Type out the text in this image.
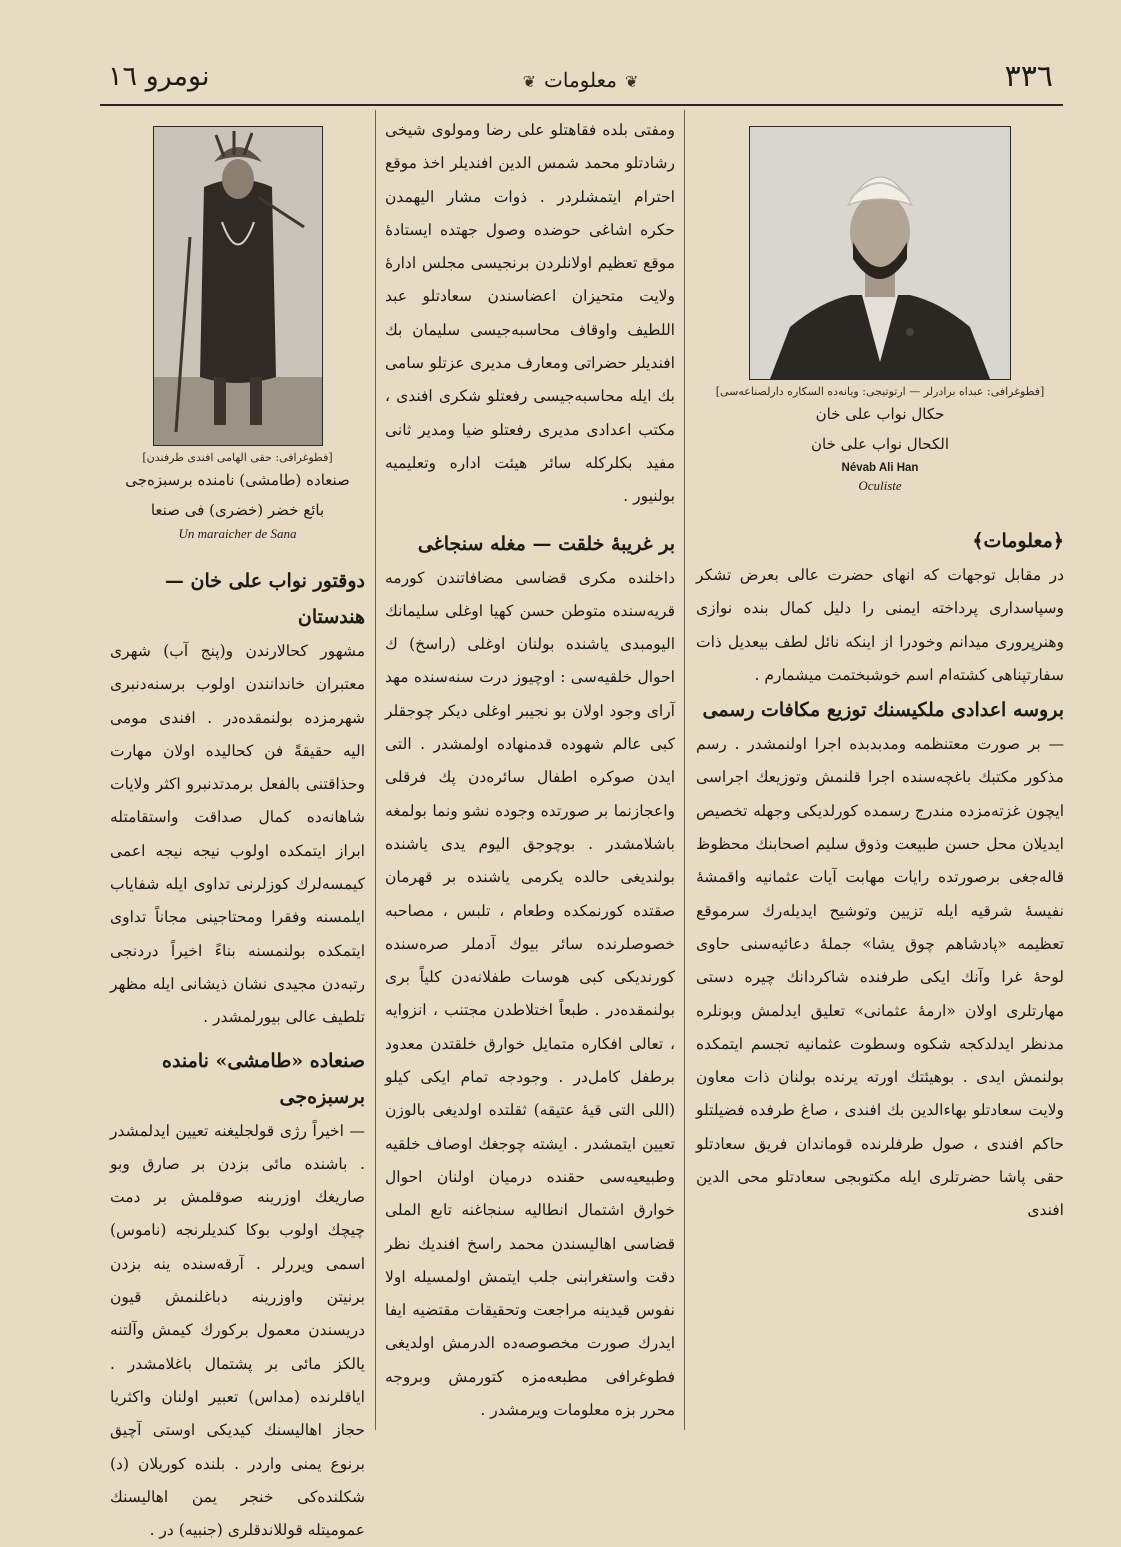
٣٣٦
❦ معلومات ❦
نومرو ١٦
[فطوغرافى: عبداه برادرلر — ارتوتیجى: ويانه‌ده السكاره دارلصناعه‌سى]
حكال نواب على خان
الكحال نواب على خان
Névab Ali Han
Oculiste
﴿معلومات﴾

در مقابل توجهات كه انهاى حضرت عالى بعرض تشكر وسپاسدارى پرداخته ايمنى را دليل كمال بنده نوازى وهنرپرورى ميدانم وخودرا از اينكه نائل لطف بيعديل ذات سفارتپناهى كشته‌ام اسم خوشبختمت ميشمارم .

بروسه اعدادى ملكيسنك توزيع مكافات رسمى

— بر صورت معتنظمه ومدبدبده اجرا اولنمشدر . رسم مذكور مكتبك باغچه‌سنده اجرا قلنمش وتوزيعك اجراسى ايچون غزته‌مزده مندرج رسمده كورلديكى وجهله تخصيص ايديلان محل حسن طبيعت وذوق سليم اصحابنك محظوظ قالەجغى برصورتده رايات مهابت آيات عثمانيه واقمشهٔ نفيسهٔ شرقيه ايله تزيين وتوشيح ايديله‌رك سرموقع تعظيمه «پادشاهم چوق يشا» جملهٔ دعائيه‌سنى حاوى لوحهٔ غرا وآنك ايكى طرفنده شاكردانك چيره دستى مهارتلرى اولان «ارمهٔ عثمانى» تعليق ايدلمش وبونلره مدنظر ايدلدكجه شكوه وسطوت عثمانيه تجسم ايتمكده بولنمش ايدى . بوهيئتك اورته يرنده بولنان ذات معاون ولايت سعادتلو بهاءالدين بك افندى ، صاغ طرفده فضيلتلو حاكم افندى ، صول طرفلرنده قوماندان فريق سعادتلو حقى پاشا حضرتلرى ايله مكتوبجى سعادتلو محى الدين افندى

ومفتى بلده فقاهتلو على رضا ومولوى شيخى رشادتلو محمد شمس الدين افنديلر اخذ موقع احترام ايتمشلردر . ذوات مشار اليهمدن حكره اشاغى حوضده وصول جهتده ايستادهٔ موقع تعظيم اولانلردن برنجيسى مجلس ادارهٔ ولايت متحيزان اعضاسندن سعادتلو عبد اللطيف واوقاف محاسبه‌جيسى سليمان بك افنديلر حضراتى ومعارف مديرى عزتلو سامى بك ايله محاسبه‌جيسى رفعتلو شكرى افندى ، مكتب اعدادى مديرى رفعتلو ضيا ومدير ثانى مفيد بكلركله سائر هيئت اداره وتعليميه بولنيور .

بر غريبهٔ خلقت — مغلە سنجاغى

داخلنده مكرى قضاسى مضافاتندن كورمه قريه‌سنده متوطن حسن كهيا اوغلى سليمانك اليومبدى ياشنده بولنان اوغلى (راسخ) ك احوال خلقيه‌سى : اوچيوز درت سنه‌سنده مهد آراى وجود اولان بو نجيبر اوغلى ديكر چوجقلر كبى عالم شهوده قدمنهاده اولمشدر . التى ايدن صوكره اطفال سائره‌دن پك فرقلى واعجازنما بر صورتده وجوده نشو ونما بولمغه باشلامشدر . بوچوجق اليوم يدى ياشنده بولنديغى حالده يكرمى ياشنده بر قهرمان صقتده كورنمكده وطعام ، تلبس ، مصاحبه خصوصلرنده سائر بيوك آدملر صره‌سنده كورنديكى كبى هوسات طفلانه‌دن كلياً برى بولنمقده‌در . طبعاً اختلاطدن مجتنب ، انزوايه ، تعالى افكاره متمايل خوارق خلقتدن معدود برطفل كامل‌در . وجودجه تمام ايكى كيلو (اللى التى قيهٔ عتيقه) ثقلتده اولديغى بالوزن تعيين ايتمشدر . ايشته چوجغك اوصاف خلقيه وطبيعيه‌سى حقنده درميان اولنان احوال خوارق اشتمال انطاليه سنجاغنه تابع الملى قضاسى اهاليسندن محمد راسخ افنديك نظر دقت واستغرابنى جلب ايتمش اولمسيله اولا نفوس قيدينه مراجعت وتحقيقات مقتضيه ايفا ايدرك صورت مخصوصه‌ده الدرمش اولديغى فطوغرافى مطبعه‌مزه كتورمش وبروجه محرر بزه معلومات ويرمشدر .

[فطوغرافى: حقى الهامى افندى طرفندن]
صنعاده (طامشى) نامنده برسبزه‌جى
بائع خضر (خضرى) فى صنعا
Un maraicher de Sana
دوقتور نواب على خان — هندستان

مشهور كحالارندن و(پنج آب) شهرى معتبران خاندانندن اولوب برسنه‌دنبرى شهرمزده بولنمقده‌در . افندى مومى اليه حقيقةً فن كحاليده اولان مهارت وحذاقتنى بالفعل برمدتدنبرو اكثر ولايات شاهانه‌ده كمال صداقت واستقامتله ابراز ايتمكده اولوب نيجه نيجه اعمى كيمسه‌لرك كوزلرنى تداوى ايله شفاياب ايلمسنه وفقرا ومحتاجينى مجاناً تداوى ايتمكده بولنمسنه بناءً اخيراً دردنجى رتبه‌دن مجيدى نشان ذيشانى ايله مظهر تلطيف عالى بيورلمشدر .

صنعاده «طامشى» نامنده برسبزه‌جى

— اخيراً رژى قولجليغنه تعيين ايدلمشدر . باشنده مائى بزدن بر صارق وبو صاريغك اوزرينه صوقلمش بر دمت چيچك اولوب بوكا كنديلرنجه (ناموس) اسمى ويررلر . آرقه‌سنده ينه بزدن برنيتن واوزرينه دباغلنمش قيون دريسندن معمول بركورك كيمش وآلتنه يالكز مائى بر پشتمال باغلامشدر . اياقلرنده (مداس) تعبير اولنان واكثريا حجاز اهاليسنك كيديكى اوستى آچيق برنوع يمنى واردر . بلنده كوريلان (د) شكلنده‌كى خنجر يمن اهاليسنك عموميتله قوللاندقلرى (جنبيه) در .
